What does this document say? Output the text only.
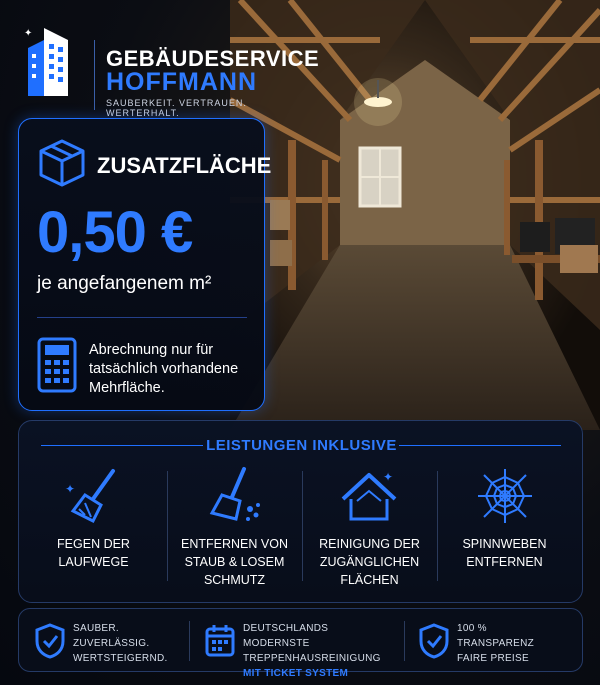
✦
GEBÄUDESERVICE
HOFFMANN
SAUBERKEIT. VERTRAUEN. WERTERHALT.
ZUSATZFLÄCHE
0,50 €
je angefangenem m²
Abrechnung nur für tatsächlich vorhandene Mehrfläche.
LEISTUNGEN INKLUSIVE
✦
FEGEN DER
LAUFWEGE
ENTFERNEN VON
STAUB & LOSEM
SCHMUTZ
✦
REINIGUNG DER
ZUGÄNGLICHEN
FLÄCHEN
SPINNWEBEN
ENTFERNEN
SAUBER. ZUVERLÄSSIG.
WERTSTEIGERND.
DEUTSCHLANDS MODERNSTE
TREPPENHAUSREINIGUNG
MIT TICKET SYSTEM
100 % TRANSPARENZ
FAIRE PREISE
